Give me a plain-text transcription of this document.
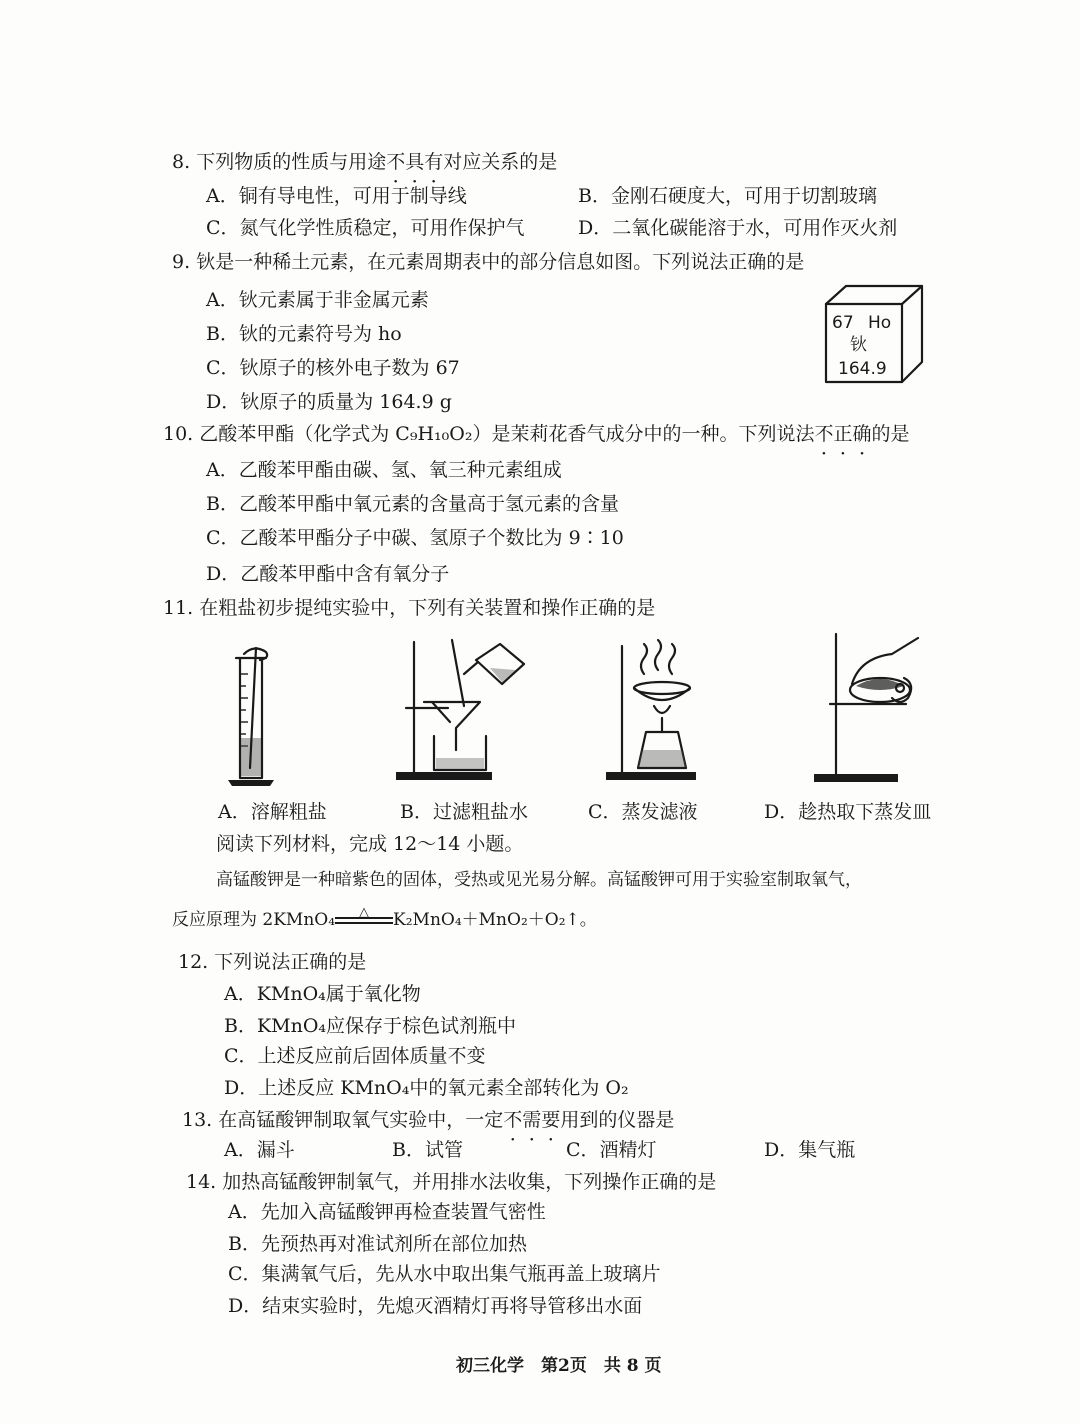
8. 下列物质的性质与用途不具有对应关系的是
A．铜有导电性，可用于制导线	B．金刚石硬度大，可用于切割玻璃
C．氮气化学性质稳定，可用作保护气	D．二氧化碳能溶于水，可用作灭火剂
9. 钬是一种稀土元素，在元素周期表中的部分信息如图。下列说法正确的是
A．钬元素属于非金属元素
B．钬的元素符号为 ho
C．钬原子的核外电子数为 67
D．钬原子的质量为 164.9 g
67 Ho
钬
164.9
10. 乙酸苯甲酯（化学式为 C₉H₁₀O₂）是茉莉花香气成分中的一种。下列说法不正确的是
A．乙酸苯甲酯由碳、氢、氧三种元素组成
B．乙酸苯甲酯中氧元素的含量高于氢元素的含量
C．乙酸苯甲酯分子中碳、氢原子个数比为 9∶10
D．乙酸苯甲酯中含有氧分子
11. 在粗盐初步提纯实验中，下列有关装置和操作正确的是
A．溶解粗盐	B．过滤粗盐水	C．蒸发滤液	D．趁热取下蒸发皿
阅读下列材料，完成 12～14 小题。
高锰酸钾是一种暗紫色的固体，受热或见光易分解。高锰酸钾可用于实验室制取氧气，
反应原理为 2KMnO₄	△	K₂MnO₄＋MnO₂＋O₂↑。
12. 下列说法正确的是
A．KMnO₄属于氧化物
B．KMnO₄应保存于棕色试剂瓶中
C．上述反应前后固体质量不变
D．上述反应 KMnO₄中的氧元素全部转化为 O₂
13. 在高锰酸钾制取氧气实验中，一定不需要用到的仪器是
A．漏斗	B．试管	C．酒精灯	D．集气瓶
14. 加热高锰酸钾制氧气，并用排水法收集，下列操作正确的是
A．先加入高锰酸钾再检查装置气密性
B．先预热再对准试剂所在部位加热
C．集满氧气后，先从水中取出集气瓶再盖上玻璃片
D．结束实验时，先熄灭酒精灯再将导管移出水面
初三化学　第2页　共 8 页
